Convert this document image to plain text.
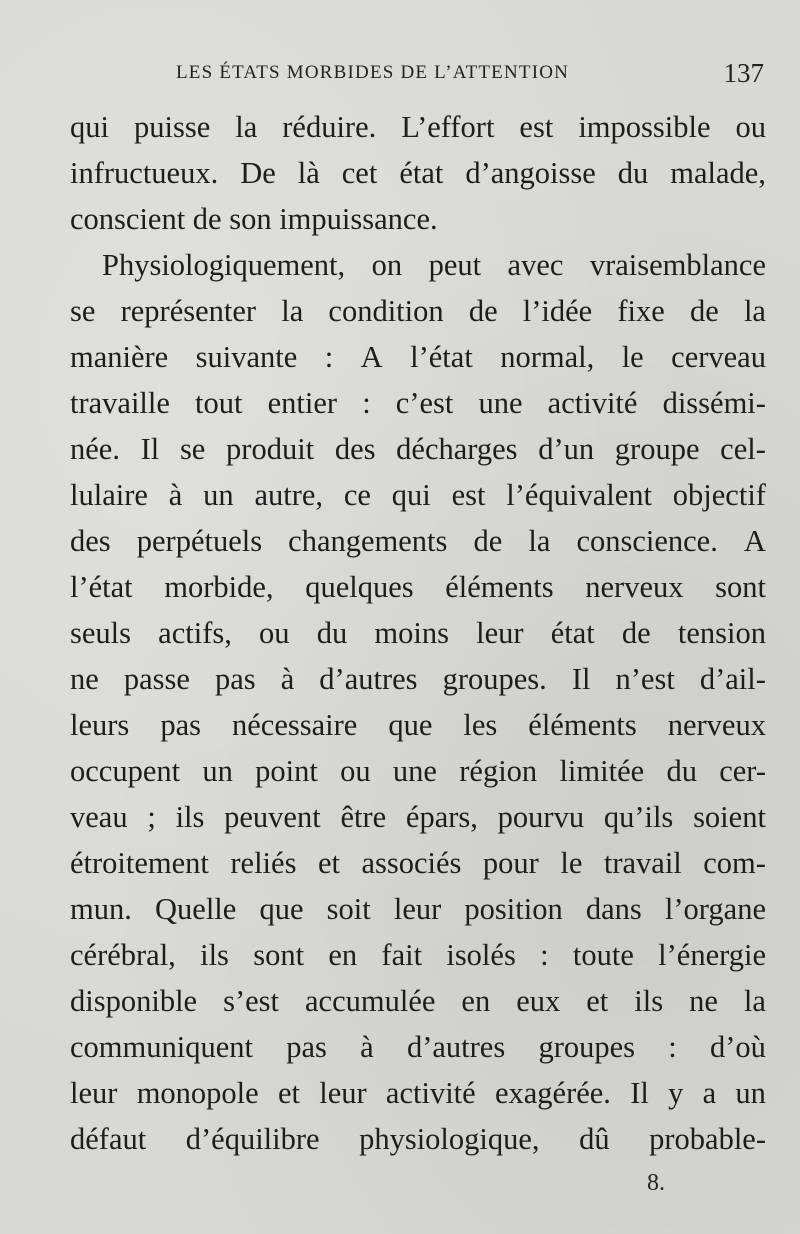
LES ÉTATS MORBIDES DE L’ATTENTION	137
qui puisse la réduire. L’effort est impossible ou
infructueux. De là cet état d’angoisse du malade,
conscient de son impuissance.
Physiologiquement, on peut avec vraisemblance
se représenter la condition de l’idée fixe de la
manière suivante : A l’état normal, le cerveau
travaille tout entier : c’est une activité dissémi-
née. Il se produit des décharges d’un groupe cel-
lulaire à un autre, ce qui est l’équivalent objectif
des perpétuels changements de la conscience. A
l’état morbide, quelques éléments nerveux sont
seuls actifs, ou du moins leur état de tension
ne passe pas à d’autres groupes. Il n’est d’ail-
leurs pas nécessaire que les éléments nerveux
occupent un point ou une région limitée du cer-
veau ; ils peuvent être épars, pourvu qu’ils soient
étroitement reliés et associés pour le travail com-
mun. Quelle que soit leur position dans l’organe
cérébral, ils sont en fait isolés : toute l’énergie
disponible s’est accumulée en eux et ils ne la
communiquent pas à d’autres groupes : d’où
leur monopole et leur activité exagérée. Il y a un
défaut d’équilibre physiologique, dû probable-
8.
